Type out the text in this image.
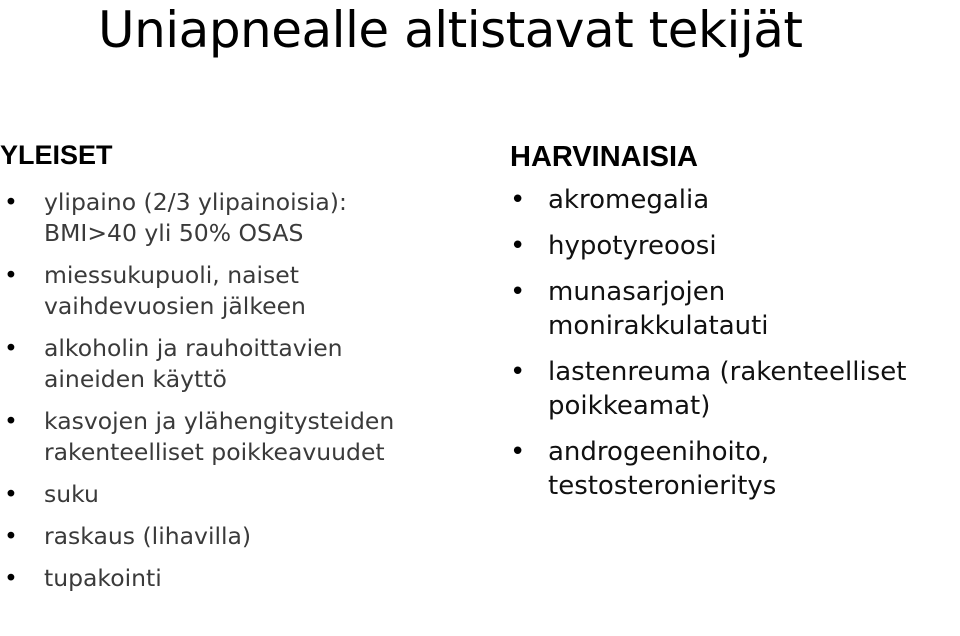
Uniapnealle altistavat tekijät
YLEISET
• ylipaino (2/3 ylipainoisia):
BMI>40 yli 50% OSAS
• miessukupuoli, naiset
vaihdevuosien jälkeen
• alkoholin ja rauhoittavien
aineiden käyttö
• kasvojen ja ylähengitysteiden
rakenteelliset poikkeavuudet
• suku
• raskaus (lihavilla)
• tupakointi
HARVINAISIA
• akromegalia
• hypotyreoosi
• munasarjojen
monirakkulatauti
• lastenreuma (rakenteelliset
poikkeamat)
• androgeenihoito,
testosteronieritys
